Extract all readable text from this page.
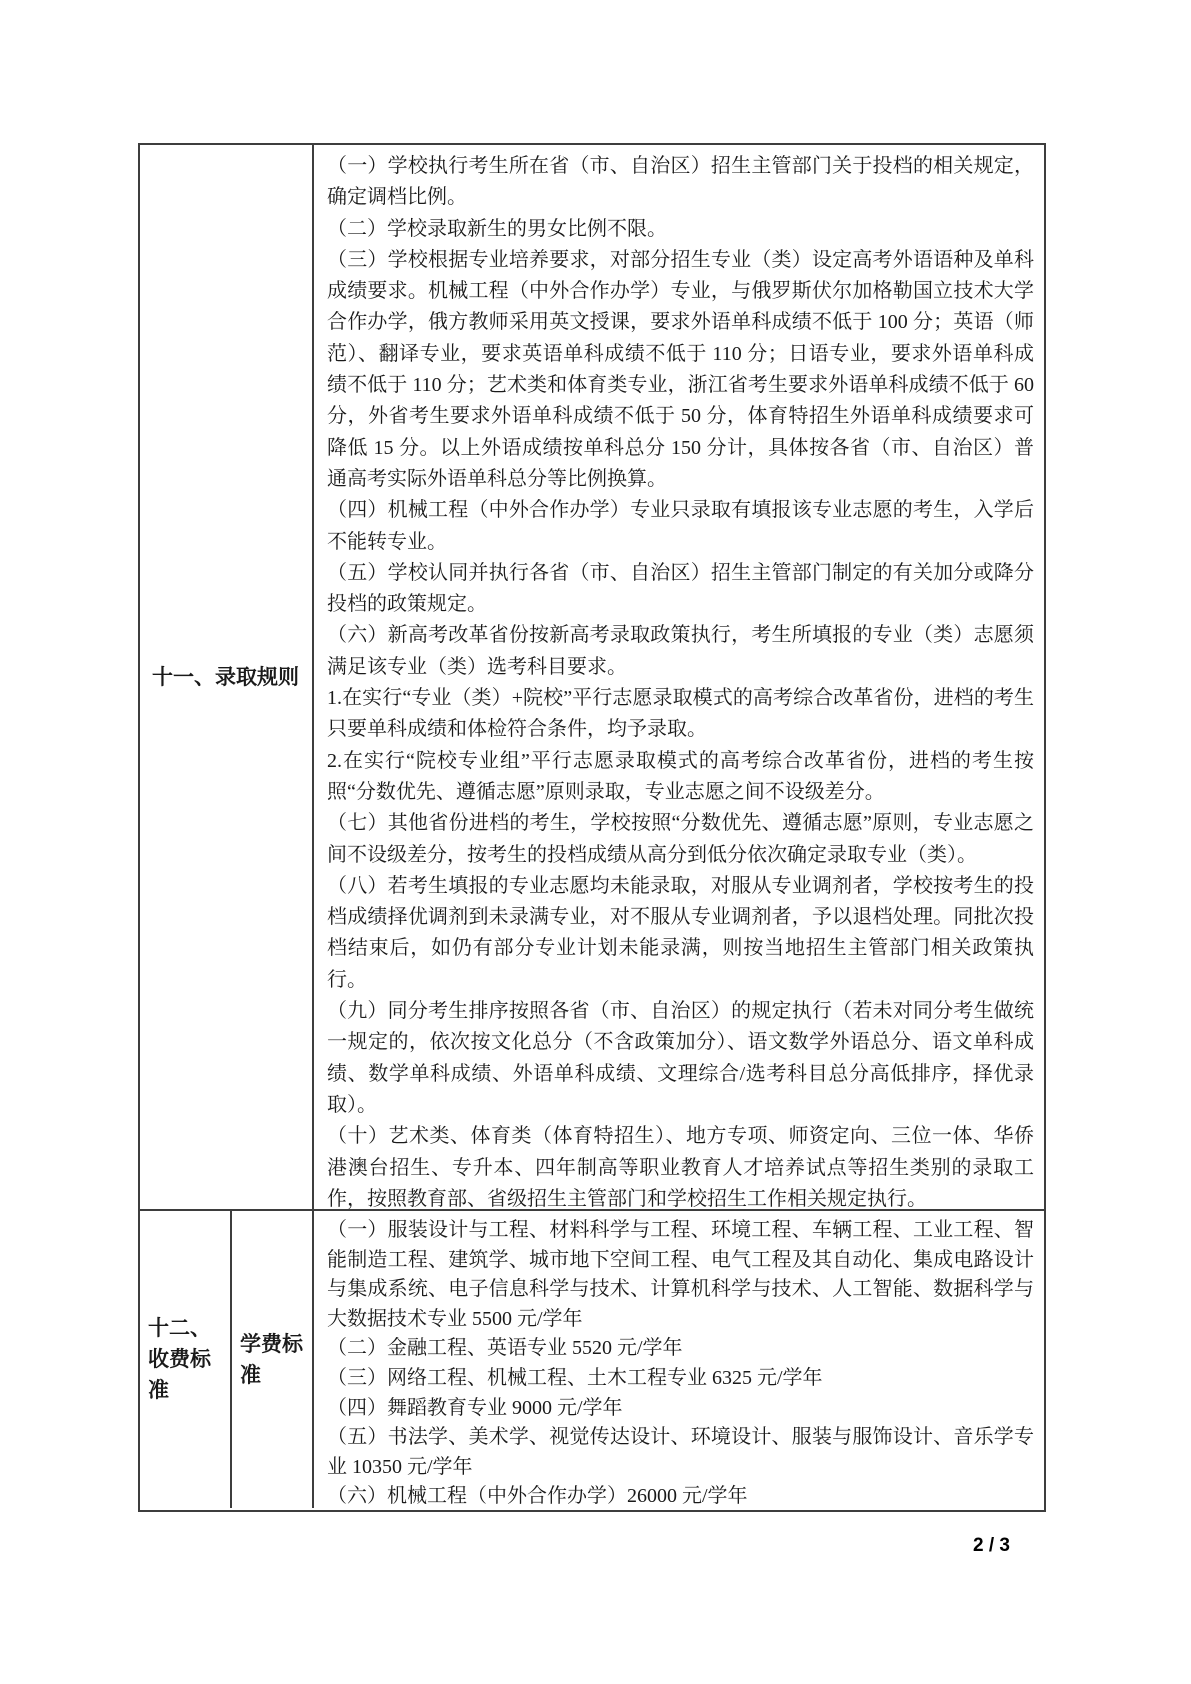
十一、录取规则
（一）学校执行考生所在省（市、自治区）招生主管部门关于投档的相关规定，确定调档比例。
（二）学校录取新生的男女比例不限。
（三）学校根据专业培养要求，对部分招生专业（类）设定高考外语语种及单科成绩要求。机械工程（中外合作办学）专业，与俄罗斯伏尔加格勒国立技术大学合作办学，俄方教师采用英文授课，要求外语单科成绩不低于 100 分；英语（师范）、翻译专业，要求英语单科成绩不低于 110 分；日语专业，要求外语单科成绩不低于 110 分；艺术类和体育类专业，浙江省考生要求外语单科成绩不低于 60 分，外省考生要求外语单科成绩不低于 50 分，体育特招生外语单科成绩要求可降低 15 分。以上外语成绩按单科总分 150 分计，具体按各省（市、自治区）普通高考实际外语单科总分等比例换算。
（四）机械工程（中外合作办学）专业只录取有填报该专业志愿的考生，入学后不能转专业。
（五）学校认同并执行各省（市、自治区）招生主管部门制定的有关加分或降分投档的政策规定。
（六）新高考改革省份按新高考录取政策执行，考生所填报的专业（类）志愿须满足该专业（类）选考科目要求。
1.在实行“专业（类）+院校”平行志愿录取模式的高考综合改革省份，进档的考生只要单科成绩和体检符合条件，均予录取。
2.在实行“院校专业组”平行志愿录取模式的高考综合改革省份，进档的考生按照“分数优先、遵循志愿”原则录取，专业志愿之间不设级差分。
（七）其他省份进档的考生，学校按照“分数优先、遵循志愿”原则，专业志愿之间不设级差分，按考生的投档成绩从高分到低分依次确定录取专业（类）。
（八）若考生填报的专业志愿均未能录取，对服从专业调剂者，学校按考生的投档成绩择优调剂到未录满专业，对不服从专业调剂者，予以退档处理。同批次投档结束后，如仍有部分专业计划未能录满，则按当地招生主管部门相关政策执行。
（九）同分考生排序按照各省（市、自治区）的规定执行（若未对同分考生做统一规定的，依次按文化总分（不含政策加分）、语文数学外语总分、语文单科成绩、数学单科成绩、外语单科成绩、文理综合/选考科目总分高低排序，择优录取）。
（十）艺术类、体育类（体育特招生）、地方专项、师资定向、三位一体、华侨港澳台招生、专升本、四年制高等职业教育人才培养试点等招生类别的录取工作，按照教育部、省级招生主管部门和学校招生工作相关规定执行。
十二、收费标准
学费标准
（一）服装设计与工程、材料科学与工程、环境工程、车辆工程、工业工程、智能制造工程、建筑学、城市地下空间工程、电气工程及其自动化、集成电路设计与集成系统、电子信息科学与技术、计算机科学与技术、人工智能、数据科学与大数据技术专业 5500 元/学年
（二）金融工程、英语专业 5520 元/学年
（三）网络工程、机械工程、土木工程专业 6325 元/学年
（四）舞蹈教育专业 9000 元/学年
（五）书法学、美术学、视觉传达设计、环境设计、服装与服饰设计、音乐学专业 10350 元/学年
（六）机械工程（中外合作办学）26000 元/学年
2 / 3
